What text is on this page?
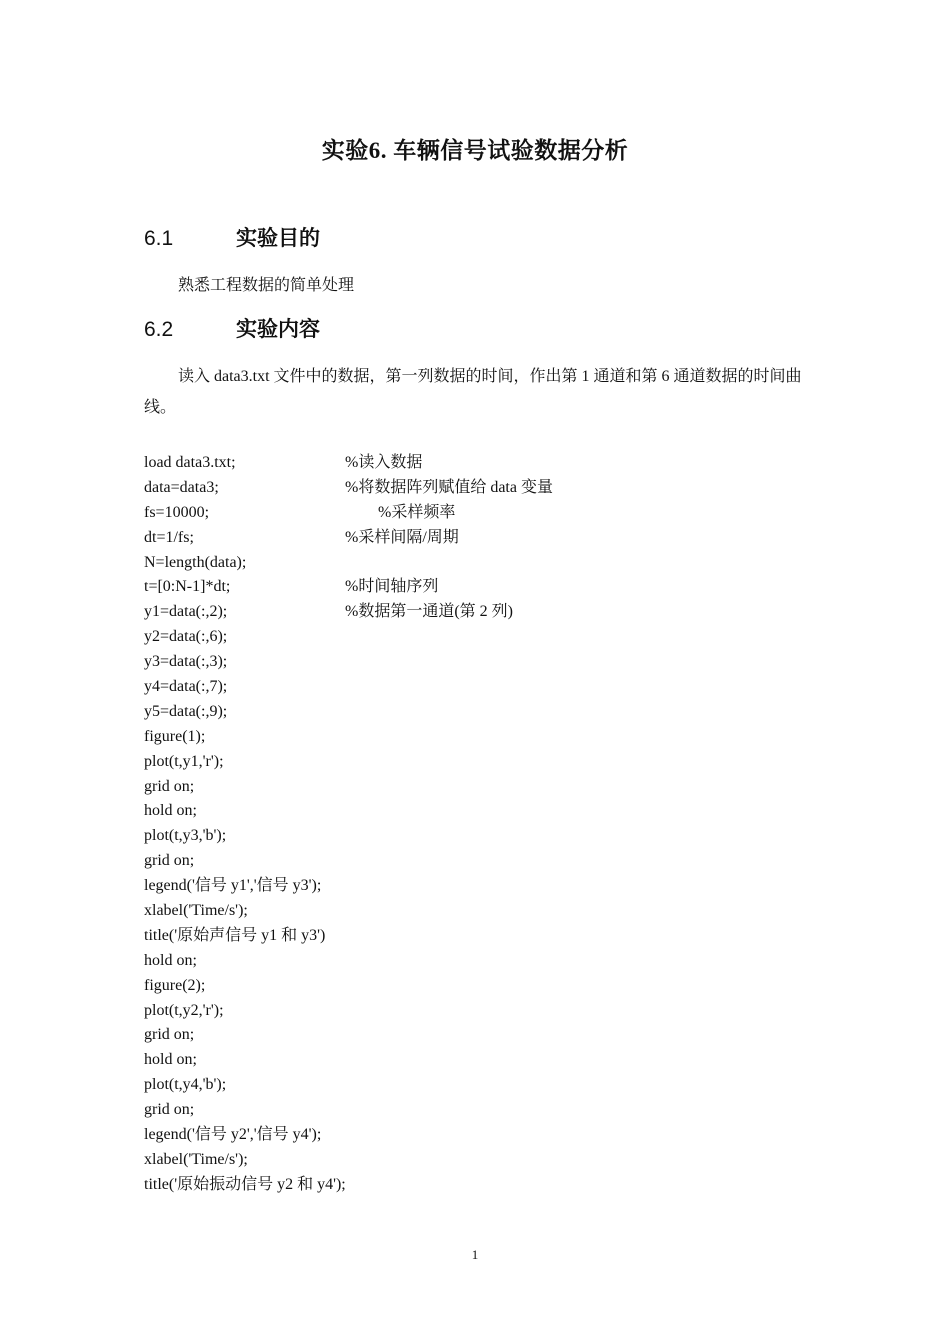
实验6. 车辆信号试验数据分析
6.1	实验目的

熟悉工程数据的简单处理

6.2	实验内容

读入 data3.txt 文件中的数据，第一列数据的时间，作出第 1 通道和第 6 通道数据的时间曲线。

load data3.txt;	%读入数据
data=data3;	%将数据阵列赋值给 data 变量
fs=10000;	%采样频率
dt=1/fs;	%采样间隔/周期
N=length(data);
t=[0:N-1]*dt;	%时间轴序列
y1=data(:,2);	%数据第一通道(第 2 列)
y2=data(:,6);
y3=data(:,3);
y4=data(:,7);
y5=data(:,9);
figure(1);
plot(t,y1,'r');
grid on;
hold on;
plot(t,y3,'b');
grid on;
legend('信号 y1','信号 y3');
xlabel('Time/s');
title('原始声信号 y1 和 y3')
hold on;
figure(2);
plot(t,y2,'r');
grid on;
hold on;
plot(t,y4,'b');
grid on;
legend('信号 y2','信号 y4');
xlabel('Time/s');
title('原始振动信号 y2 和 y4');
1
